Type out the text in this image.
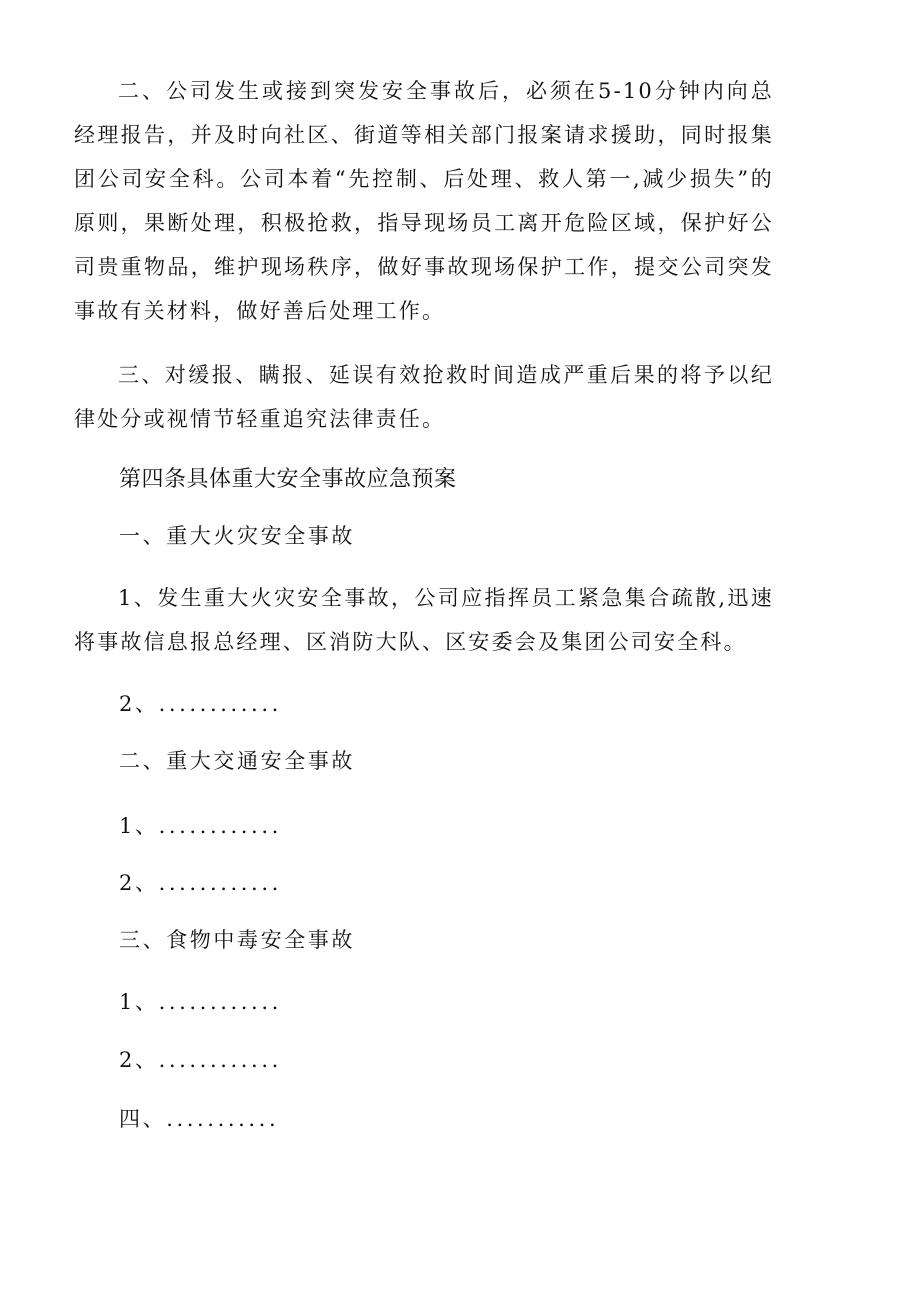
二、公司发生或接到突发安全事故后，必须在5-10分钟内向总经理报告，并及时向社区、街道等相关部门报案请求援助，同时报集团公司安全科。公司本着“先控制、后处理、救人第一,减少损失”的原则，果断处理，积极抢救，指导现场员工离开危险区域，保护好公司贵重物品，维护现场秩序，做好事故现场保护工作，提交公司突发事故有关材料，做好善后处理工作。

三、对缓报、瞒报、延误有效抢救时间造成严重后果的将予以纪律处分或视情节轻重追究法律责任。

第四条具体重大安全事故应急预案

一、重大火灾安全事故

1、发生重大火灾安全事故，公司应指挥员工紧急集合疏散,迅速将事故信息报总经理、区消防大队、区安委会及集团公司安全科。

2、............

二、重大交通安全事故

1、............

2、............

三、食物中毒安全事故

1、............

2、............

四、...........
